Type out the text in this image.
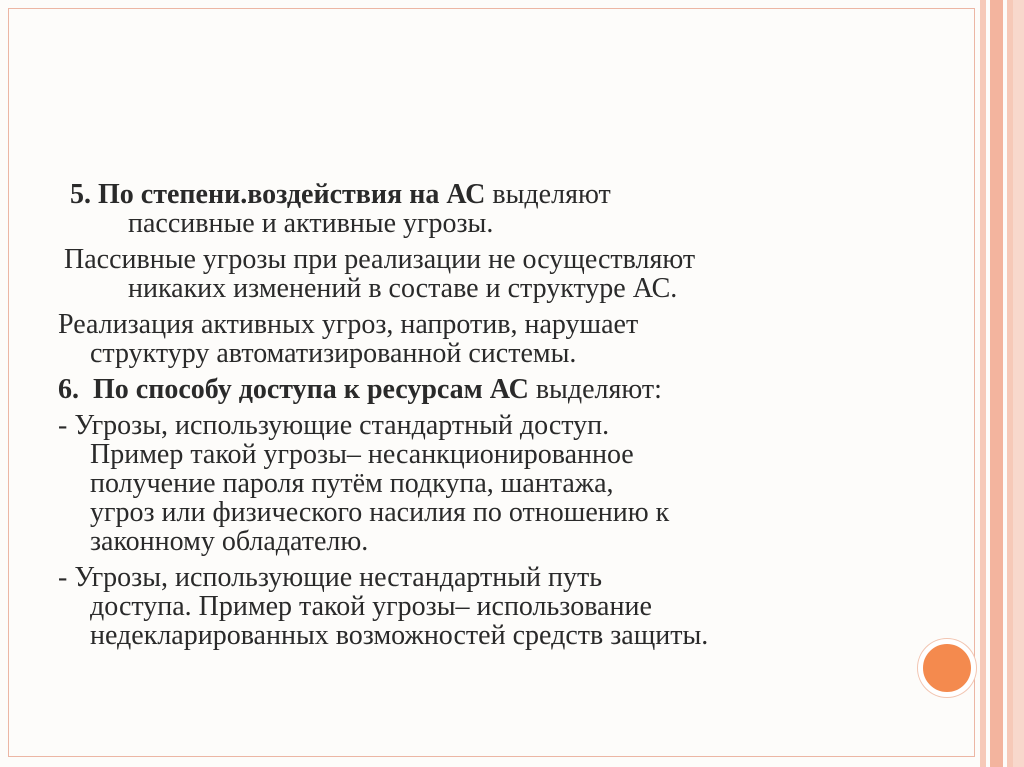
5. По степени.воздействия на АС выделяют
пассивные и активные угрозы.
Пассивные угрозы при реализации не осуществляют
никаких изменений в составе и структуре АС.
Реализация активных угроз, напротив, нарушает
структуру автоматизированной системы.
6. По способу доступа к ресурсам АС выделяют:
- Угрозы, использующие стандартный доступ.
Пример такой угрозы– несанкционированное
получение пароля путём подкупа, шантажа,
угроз или физического насилия по отношению к
законному обладателю.
- Угрозы, использующие нестандартный путь
доступа. Пример такой угрозы– использование
недекларированных возможностей средств защиты.
